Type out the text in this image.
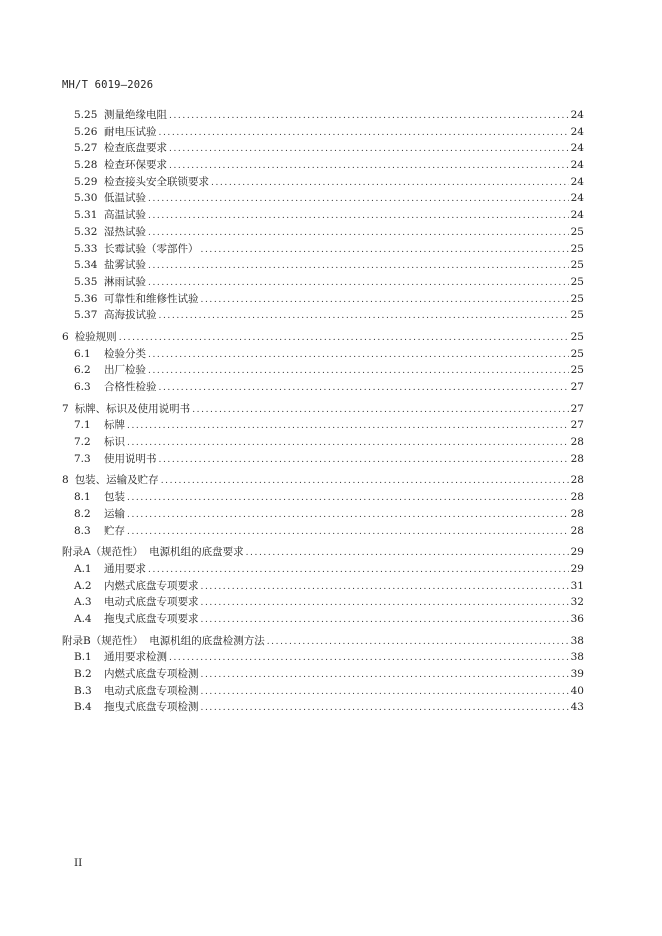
MH/T 6019—2026
5.25 测量绝缘电阻 .....	24
5.26 耐电压试验 .....	24
5.27 检查底盘要求 .....	24
5.28 检查环保要求 .....	24
5.29 检查接头安全联锁要求 .....	24
5.30 低温试验 .....	24
5.31 高温试验 .....	24
5.32 湿热试验 .....	25
5.33 长霉试验（零部件） .....	25
5.34 盐雾试验 .....	25
5.35 淋雨试验 .....	25
5.36 可靠性和维修性试验 .....	25
5.37 高海拔试验 .....	25
6 检验规则 .....	25
6.1	检验分类 .....	25
6.2	出厂检验 .....	25
6.3	合格性检验 .....	27
7 标牌、标识及使用说明书 .....	27
7.1	标牌 .....	27
7.2	标识 .....	28
7.3	使用说明书 .....	28
8 包装、运输及贮存 .....	28
8.1	包装 .....	28
8.2	运输 .....	28
8.3	贮存 .....	28
附录A（规范性） 电源机组的底盘要求 .....	29
A.1	通用要求 .....	29
A.2	内燃式底盘专项要求 .....	31
A.3	电动式底盘专项要求 .....	32
A.4	拖曳式底盘专项要求 .....	36
附录B（规范性） 电源机组的底盘检测方法 .....	38
B.1	通用要求检测 .....	38
B.2	内燃式底盘专项检测 .....	39
B.3	电动式底盘专项检测 .....	40
B.4	拖曳式底盘专项检测 .....	43
II
